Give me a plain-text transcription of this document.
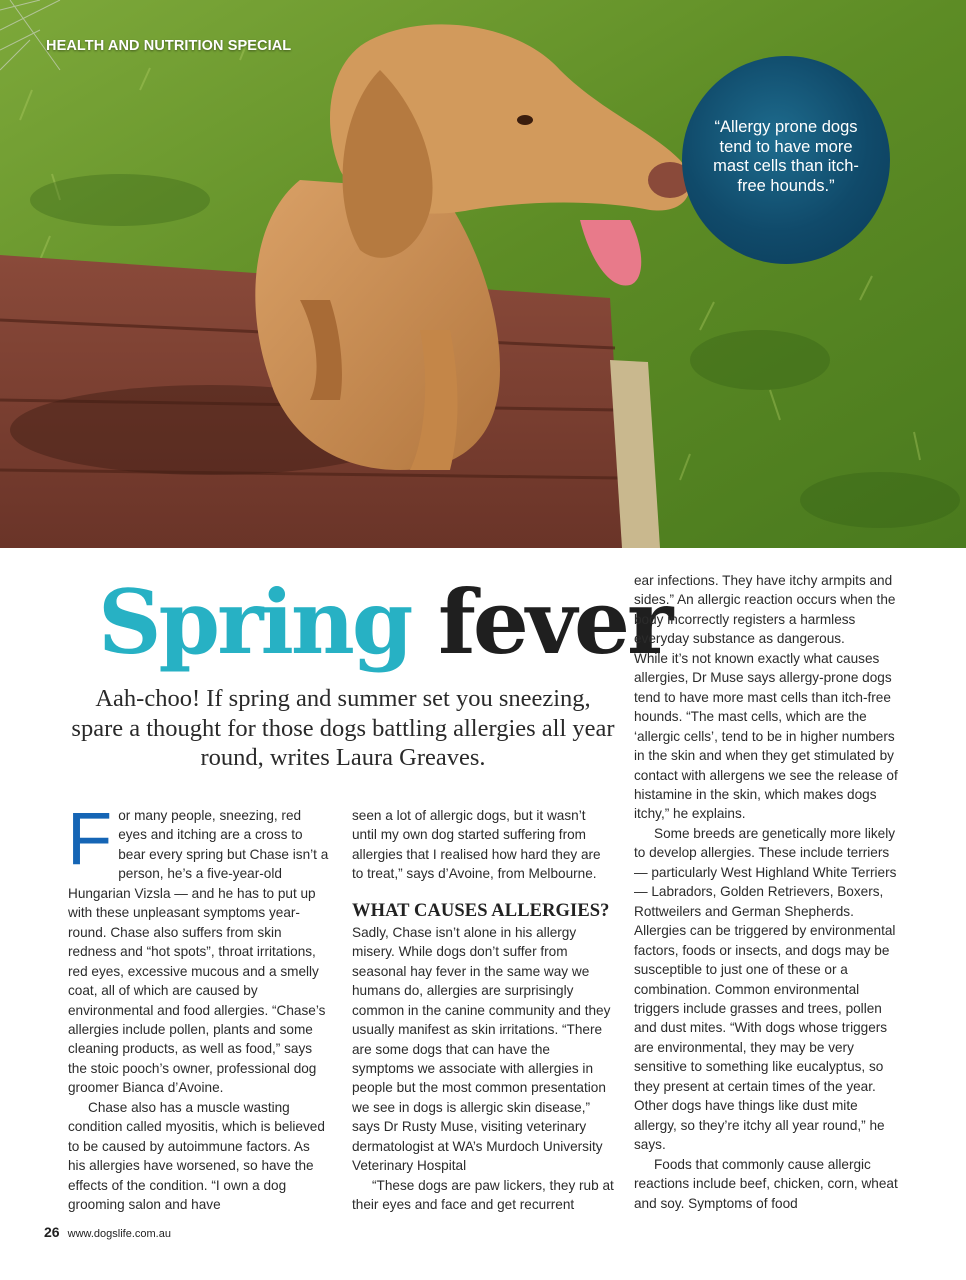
HEALTH AND NUTRITION SPECIAL
“Allergy prone dogs tend to have more mast cells than itch-free hounds.”
Spring fever
Aah-choo! If spring and summer set you sneezing, spare a thought for those dogs battling allergies all year round, writes Laura Greaves.
F or many people, sneezing, red eyes and itching are a cross to bear every spring but Chase isn’t a person, he’s a five-year-old Hungarian Vizsla — and he has to put up with these unpleasant symptoms year-round. Chase also suffers from skin redness and “hot spots”, throat irritations, red eyes, excessive mucous and a smelly coat, all of which are caused by environmental and food allergies. “Chase’s allergies include pollen, plants and some cleaning products, as well as food,” says the stoic pooch’s owner, professional dog groomer Bianca d’Avoine.

Chase also has a muscle wasting condition called myositis, which is believed to be caused by autoimmune factors. As his allergies have worsened, so have the effects of the condition. “I own a dog grooming salon and have

seen a lot of allergic dogs, but it wasn’t until my own dog started suffering from allergies that I realised how hard they are to treat,” says d’Avoine, from Melbourne.

WHAT CAUSES ALLERGIES?

Sadly, Chase isn’t alone in his allergy misery. While dogs don’t suffer from seasonal hay fever in the same way we humans do, allergies are surprisingly common in the canine community and they usually manifest as skin irritations. “There are some dogs that can have the symptoms we associate with allergies in people but the most common presentation we see in dogs is allergic skin disease,” says Dr Rusty Muse, visiting veterinary dermatologist at WA’s Murdoch University Veterinary Hospital

“These dogs are paw lickers, they rub at their eyes and face and get recurrent

ear infections. They have itchy armpits and sides.” An allergic reaction occurs when the body incorrectly registers a harmless everyday substance as dangerous.

While it’s not known exactly what causes allergies, Dr Muse says allergy-prone dogs tend to have more mast cells than itch-free hounds. “The mast cells, which are the ‘allergic cells’, tend to be in higher numbers in the skin and when they get stimulated by contact with allergens we see the release of histamine in the skin, which makes dogs itchy,” he explains.

Some breeds are genetically more likely to develop allergies. These include terriers — particularly West Highland White Terriers — Labradors, Golden Retrievers, Boxers, Rottweilers and German Shepherds. Allergies can be triggered by environmental factors, foods or insects, and dogs may be susceptible to just one of these or a combination. Common environmental triggers include grasses and trees, pollen and dust mites. “With dogs whose triggers are environmental, they may be very sensitive to something like eucalyptus, so they present at certain times of the year. Other dogs have things like dust mite allergy, so they’re itchy all year round,” he says.

Foods that commonly cause allergic reactions include beef, chicken, corn, wheat and soy. Symptoms of food

26 www.dogslife.com.au
